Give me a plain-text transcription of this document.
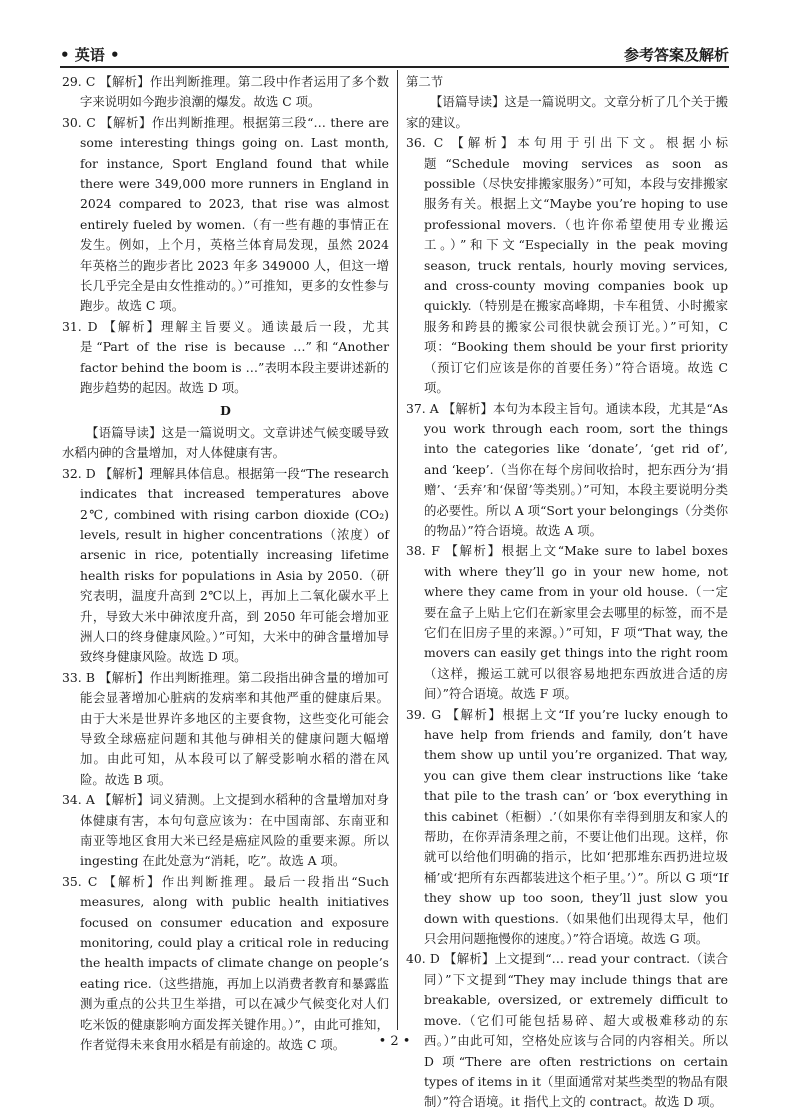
• 英语 •	参考答案及解析

29. C 【解析】作出判断推理。第二段中作者运用了多个数字来说明如今跑步浪潮的爆发。故选 C 项。

30. C 【解析】作出判断推理。根据第三段“… there are some interesting things going on. Last month, for instance, Sport England found that while there were 349,000 more runners in England in 2024 compared to 2023, that rise was almost entirely fueled by women.（有一些有趣的事情正在发生。例如，上个月，英格兰体育局发现，虽然 2024 年英格兰的跑步者比 2023 年多 349000 人，但这一增长几乎完全是由女性推动的。）”可推知，更多的女性参与跑步。故选 C 项。

31. D 【解析】理解主旨要义。通读最后一段，尤其是“Part of the rise is because …”和“Another factor behind the boom is …”表明本段主要讲述新的跑步趋势的起因。故选 D 项。

D

【语篇导读】这是一篇说明文。文章讲述气候变暖导致水稻内砷的含量增加，对人体健康有害。

32. D 【解析】理解具体信息。根据第一段“The research indicates that increased temperatures above 2℃, combined with rising carbon dioxide (CO₂) levels, result in higher concentrations（浓度）of arsenic in rice, potentially increasing lifetime health risks for populations in Asia by 2050.（研究表明，温度升高到 2℃以上，再加上二氧化碳水平上升，导致大米中砷浓度升高，到 2050 年可能会增加亚洲人口的终身健康风险。）”可知，大米中的砷含量增加导致终身健康风险。故选 D 项。

33. B 【解析】作出判断推理。第二段指出砷含量的增加可能会显著增加心脏病的发病率和其他严重的健康后果。由于大米是世界许多地区的主要食物，这些变化可能会导致全球癌症问题和其他与砷相关的健康问题大幅增加。由此可知，从本段可以了解受影响水稻的潜在风险。故选 B 项。

34. A 【解析】词义猜测。上文提到水稻种的含量增加对身体健康有害，本句句意应该为：在中国南部、东南亚和南亚等地区食用大米已经是癌症风险的重要来源。所以 ingesting 在此处意为“消耗，吃”。故选 A 项。

35. C 【解析】作出判断推理。最后一段指出“Such measures, along with public health initiatives focused on consumer education and exposure monitoring, could play a critical role in reducing the health impacts of climate change on people’s eating rice.（这些措施，再加上以消费者教育和暴露监测为重点的公共卫生举措，可以在减少气候变化对人们吃米饭的健康影响方面发挥关键作用。）”，由此可推知，作者觉得未来食用水稻是有前途的。故选 C 项。

第二节

【语篇导读】这是一篇说明文。文章分析了几个关于搬家的建议。

36. C 【解析】本句用于引出下文。根据小标题“Schedule moving services as soon as possible（尽快安排搬家服务）”可知，本段与安排搬家服务有关。根据上文“Maybe you’re hoping to use professional movers.（也许你希望使用专业搬运工。）”和下文“Especially in the peak moving season, truck rentals, hourly moving services, and cross-county moving companies book up quickly.（特别是在搬家高峰期，卡车租赁、小时搬家服务和跨县的搬家公司很快就会预订光。）”可知，C 项：“Booking them should be your first priority（预订它们应该是你的首要任务）”符合语境。故选 C 项。

37. A 【解析】本句为本段主旨句。通读本段，尤其是“As you work through each room, sort the things into the categories like ‘donate’, ‘get rid of’, and ‘keep’.（当你在每个房间收拾时，把东西分为‘捐赠’、‘丢弃’和‘保留’等类别。）”可知，本段主要说明分类的必要性。所以 A 项“Sort your belongings（分类你的物品）”符合语境。故选 A 项。

38. F 【解析】根据上文“Make sure to label boxes with where they’ll go in your new home, not where they came from in your old house.（一定要在盒子上贴上它们在新家里会去哪里的标签，而不是它们在旧房子里的来源。）”可知，F 项“That way, the movers can easily get things into the right room（这样，搬运工就可以很容易地把东西放进合适的房间）”符合语境。故选 F 项。

39. G 【解析】根据上文“If you’re lucky enough to have help from friends and family, don’t have them show up until you’re organized. That way, you can give them clear instructions like ‘take that pile to the trash can’ or ‘box everything in this cabinet（柜橱）.’（如果你有幸得到朋友和家人的帮助，在你弄清条理之前，不要让他们出现。这样，你就可以给他们明确的指示，比如‘把那堆东西扔进垃圾桶’或‘把所有东西都装进这个柜子里。’）”。所以 G 项“If they show up too soon, they’ll just slow you down with questions.（如果他们出现得太早，他们只会用问题拖慢你的速度。）”符合语境。故选 G 项。

40. D 【解析】上文提到“… read your contract.（读合同）”下文提到“They may include things that are breakable, oversized, or extremely difficult to move.（它们可能包括易碎、超大或极难移动的东西。）”由此可知，空格处应该与合同的内容相关。所以 D 项“There are often restrictions on certain types of items in it（里面通常对某些类型的物品有限制）”符合语境。it 指代上文的 contract。故选 D 项。

• 2 •
